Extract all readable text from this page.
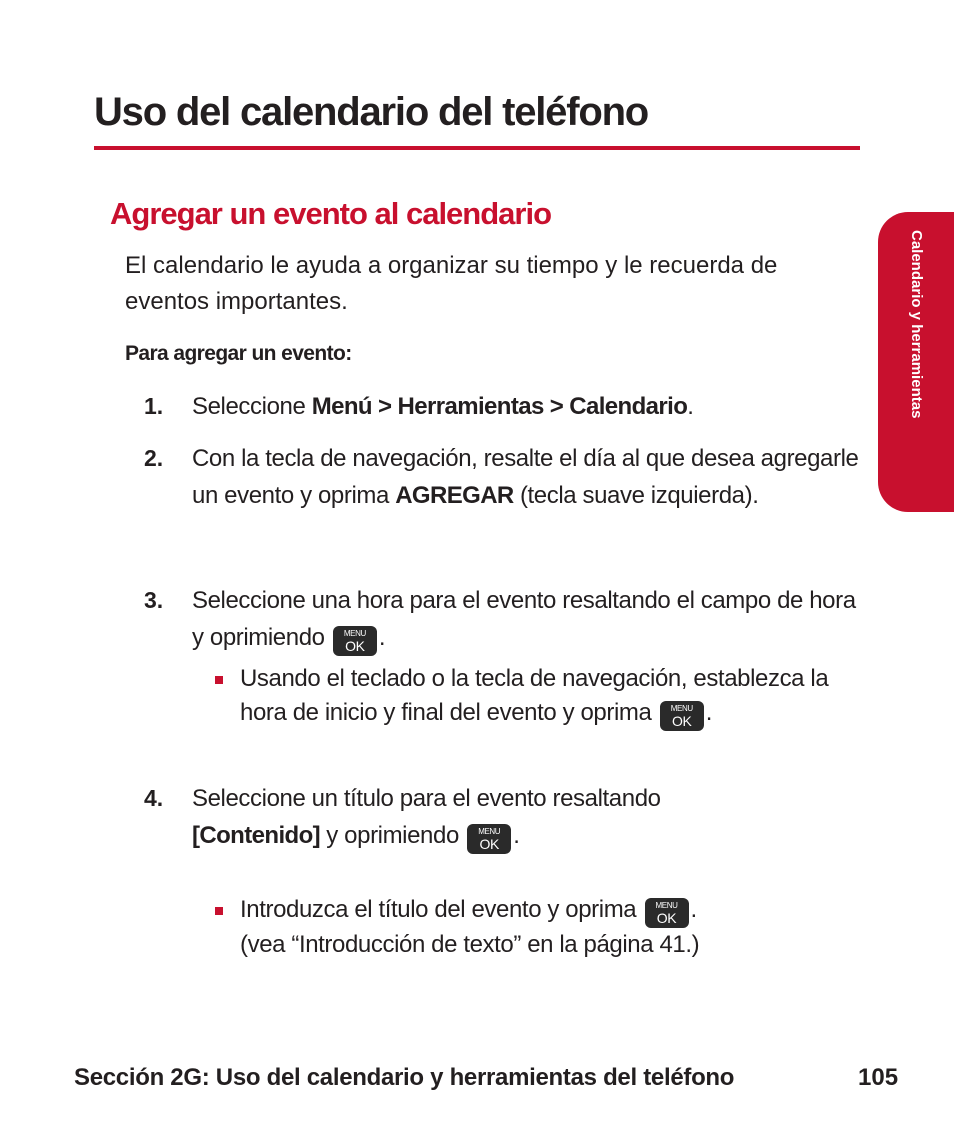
Uso del calendario del teléfono
Agregar un evento al calendario
Calendario y herramientas

El calendario le ayuda a organizar su tiempo y le recuerda de eventos importantes.

Para agregar un evento:

1. Seleccione Menú > Herramientas > Calendario.

2. Con la tecla de navegación, resalte el día al que desea agregarle un evento y oprima AGREGAR (tecla suave izquierda).

3. Seleccione una hora para el evento resaltando el campo de hora y oprimiendo	MENU
OK .

Usando el teclado o la tecla de navegación, establezca la hora de inicio y final del evento y oprima	MENU
OK .

4. Seleccione un título para el evento resaltando
[Contenido] y oprimiendo	MENU
OK .

Introduzca el título del evento y oprima	MENU
OK .
(vea “Introducción de texto” en la página 41.)

Sección 2G: Uso del calendario y herramientas del teléfono	105
